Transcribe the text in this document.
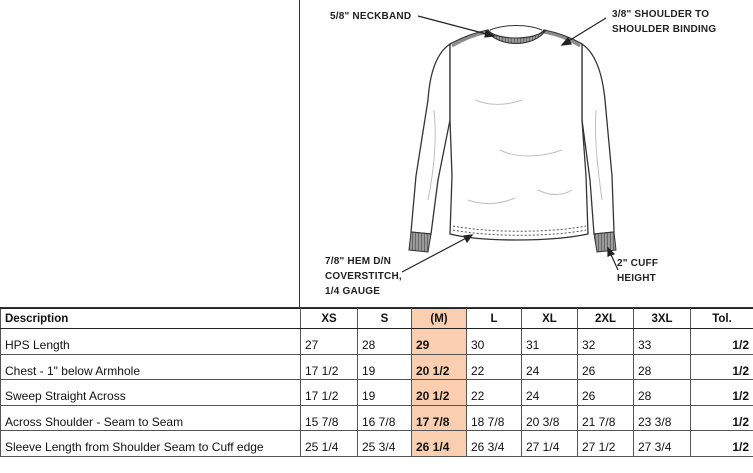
5/8" NECKBAND	3/8" SHOULDER TO
SHOULDER BINDING
7/8" HEM D/N
COVERSTITCH,
1/4 GAUGE
2" CUFF
HEIGHT
Description	XS	S	(M)	L	XL	2XL	3XL	Tol.
HPS Length	27	28	29	30	31	32	33	1/2
Chest - 1" below Armhole	17 1/2	19	20 1/2	22	24	26	28	1/2
Sweep Straight Across	17 1/2	19	20 1/2	22	24	26	28	1/2
Across Shoulder - Seam to Seam	15 7/8	16 7/8	17 7/8	18 7/8	20 3/8	21 7/8	23 3/8	1/2
Sleeve Length from Shoulder Seam to Cuff edge	25 1/4	25 3/4	26 1/4	26 3/4	27 1/4	27 1/2	27 3/4	1/2
